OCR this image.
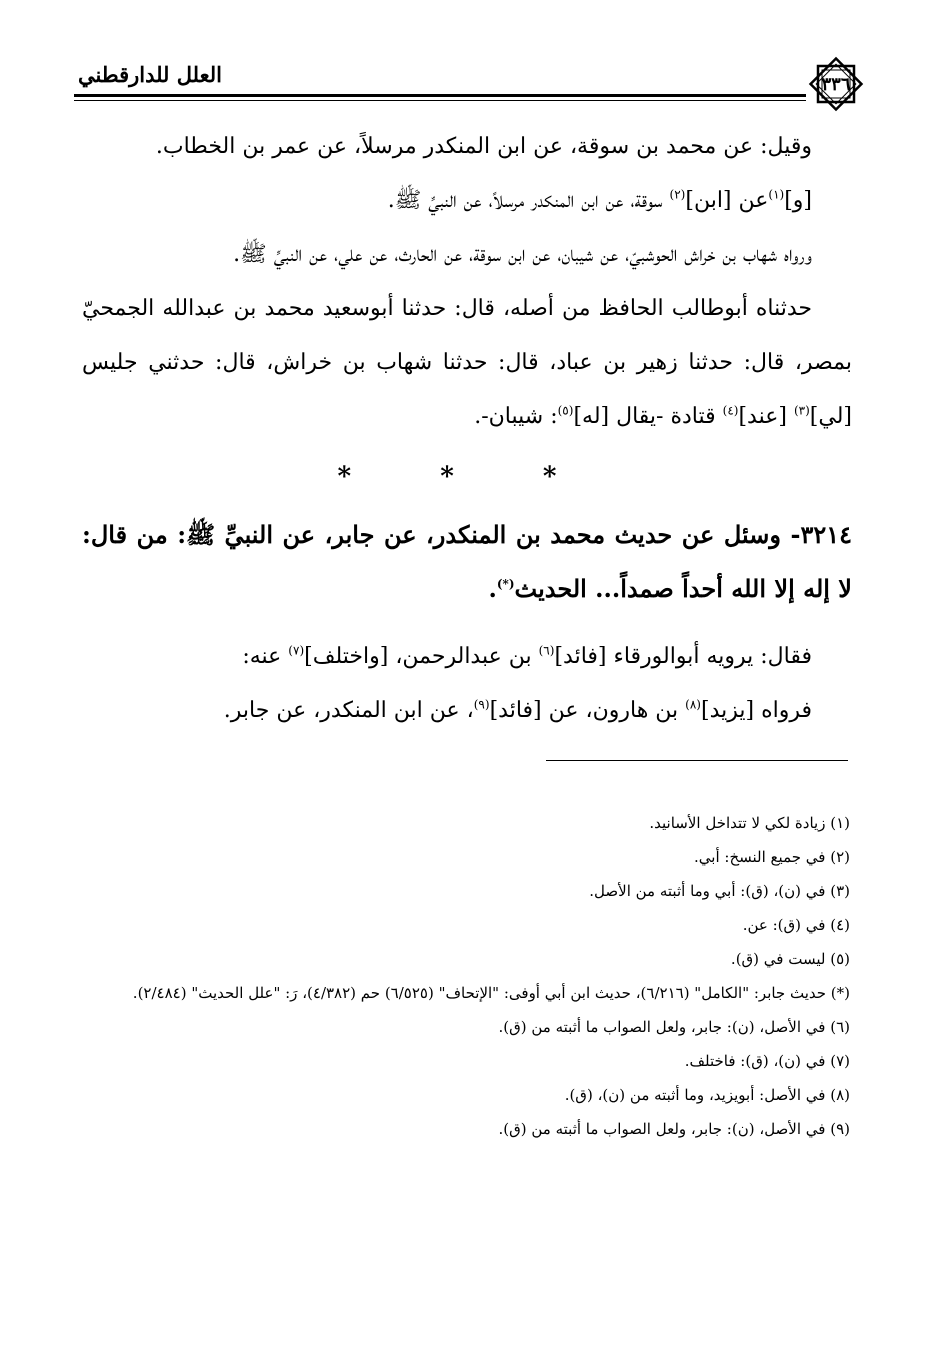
٣٣٦
العلل للدارقطني

وقيل: عن محمد بن سوقة، عن ابن المنكدر مرسلاً، عن عمر بن الخطاب.

[و]$^{(١)}$عن [ابن]$^{(٢)}$ سوقة، عن ابن المنكدر مرسلاً، عن النبيِّ ﷺ.

ورواه شهاب بن خراش الحوشبيّ، عن شيبان، عن ابن سوقة، عن الحارث، عن علي، عن النبيِّ ﷺ.

حدثناه أبوطالب الحافظ من أصله، قال: حدثنا أبوسعيد محمد بن عبدالله الجمحيّ بمصر، قال: حدثنا زهير بن عباد، قال: حدثنا شهاب بن خراش، قال: حدثني جليس [لي]$^{(٣)}$ [عند]$^{(٤)}$ قتادة -يقال [له]$^{(٥)}$: شيبان-.

* * *

٣٢١٤- وسئل عن حديث محمد بن المنكدر، عن جابر، عن النبيِّ ﷺ: من قال: لا إله إلا الله أحداً صمداً... الحديث(*).

فقال: يرويه أبوالورقاء [فائد]$^{(٦)}$ بن عبدالرحمن، [واختلف]$^{(٧)}$ عنه:

فرواه [يزيد]$^{(٨)}$ بن هارون، عن [فائد]$^{(٩)}$، عن ابن المنكدر، عن جابر.

(١) زيادة لكي لا تتداخل الأسانيد.

(٢) في جميع النسخ: أبي.

(٣) في (ن)، (ق): أبي وما أثبته من الأصل.

(٤) في (ق): عن.

(٥) ليست في (ق).

(*) حديث جابر: "الكامل" (٦/٢١٦)، حديث ابن أبي أوفى: "الإتحاف" (٦/٥٢٥) حم (٤/٣٨٢)، رَ: "علل الحديث" (٢/٤٨٤).

(٦) في الأصل، (ن): جابر، ولعل الصواب ما أثبته من (ق).

(٧) في (ن)، (ق): فاختلف.

(٨) في الأصل: أبويزيد، وما أثبته من (ن)، (ق).

(٩) في الأصل، (ن): جابر، ولعل الصواب ما أثبته من (ق).
